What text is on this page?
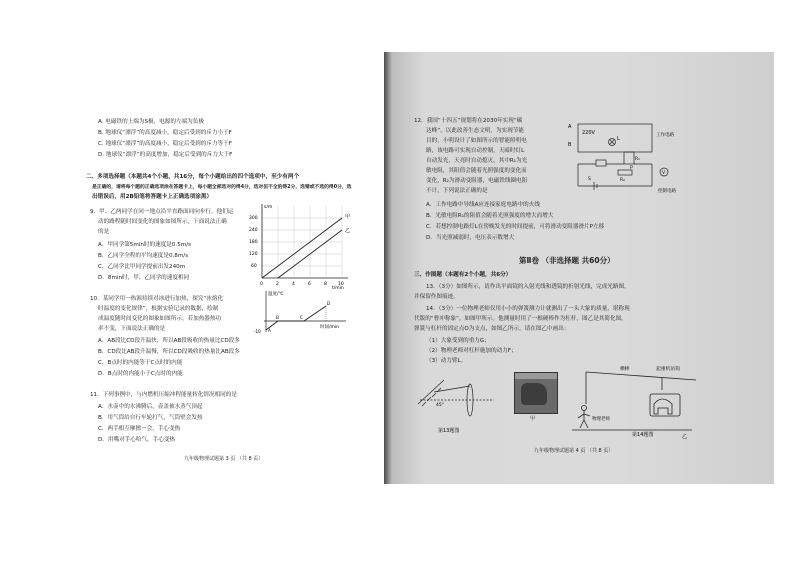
A. 电磁铁的上端为S极，电源的左端为负极
B. 地球仪“漂浮”的高度减小，稳定后受到的斥力小于F
C. 地球仪“漂浮”的高度减小，稳定后受到的斥力等于F
D. 地球仪“漂浮”的高度增加，稳定后受到的斥力大于F
二、多项选择题（本题共4个小题，共16分，每个小题给出的四个选项中，至少有两个
是正确的，请将每个题的正确选项涂在答题卡上，每小题全部选对的得4分，选对但不全的得2分，选错或不选的得0分，选
出错误后，用2B铅笔将答题卡上正确选项涂黑）
9．甲、乙两同学在同一地点沿平直路面同向步行，他们运
动的路程随时间变化的图象如图所示，下面说法正确
的是
A．甲同学第5min时的速度是0.5m/s
B．乙同学全程的平均速度是0.8m/s
C．乙同学比甲同学提前出发240m
D．8min时，甲、乙同学的速度相同
s/m
t/min
300
240
180
120
60
0	2	4	6	8 10
甲
乙
10．某同学用一热源持续对冰进行加热，探究“冰熔化
时温度的变化规律”，根据实验记录的数据，绘制
成温度随时间变化的图象如图所示。若加热器热功
率不变，下面说法正确的是
A．AB段比CD段升温快，所以AB段吸收的热量比CD段多
B．CD段比AB段升温慢，所以CD段吸收的热量比AB段多
C．B点时的内能等于C点时的内能
D．B点时的内能小于C点时的内能
温度/℃
时间/min
-10 A
B	C
D
11．下列事例中，与内燃机压缩冲程能量转化情况相同的是
A．水壶中的水沸腾后，壶盖被水蒸气顶起
B．用气筒给自行车轮打气，气筒壁会发热
C．两手相互摩擦一会，手心变热
D．用嘴对手心哈气，手心变热
九年级物理试题第 3 页 （共 8 页）
12．我国“十四五”规划将在2030年实现“碳
达峰”，以此改善生态文明，为实现节能
目的，小明设计了如图所示的智能照明电
路，该电路可实现自动控制，天暗时灯L
自动发光，天亮时自动熄灭，其中R₁为光
敏电阻，其阻值会随着光照强度的变化而
变化，R₂为滑动变阻器，电磁铁线圈电阻
不计，下列说法正确的是
A
B
220V
L
工作电路
控制电路
R₁
R₂
P
S
V
A．工作电路中导线A应连接家庭电路中的火线
B．光敏电阻R₁的阻值会随着光照强度的增大而增大
C．若想控制电路灯L在傍晚发光的时间提前，可将滑动变阻器滑片P左移
D．当光照减弱时，电压表示数增大
第Ⅱ卷 （非选择题 共60分）
三、作图题（本题有2个小题，共6分）
13．（3分）如图所示，请作出平面镜的入射光线和透镜的折射光线，完成光路图，
并保留作图痕迹。
14．（3分）一位物理老师仅用小小的弹簧测力计就测出了一头大象的质量，堪称现
代版的“曹冲称象”，如图甲所示。他测量时用了一根硬棒作为杠杆，图乙是其简化图，
弹簧与杠杆的固定点O为支点，如图乙所示，请在图乙中画出：
（1）大象受到的重力G；
（2）物理老师对杠杆施加的动力F；
（3）动力臂L。
45°
第13题图
甲
横棒	起重机吊钩
物理老师
第14题图	乙
九年级物理试题第 4 页 （共 8 页）
